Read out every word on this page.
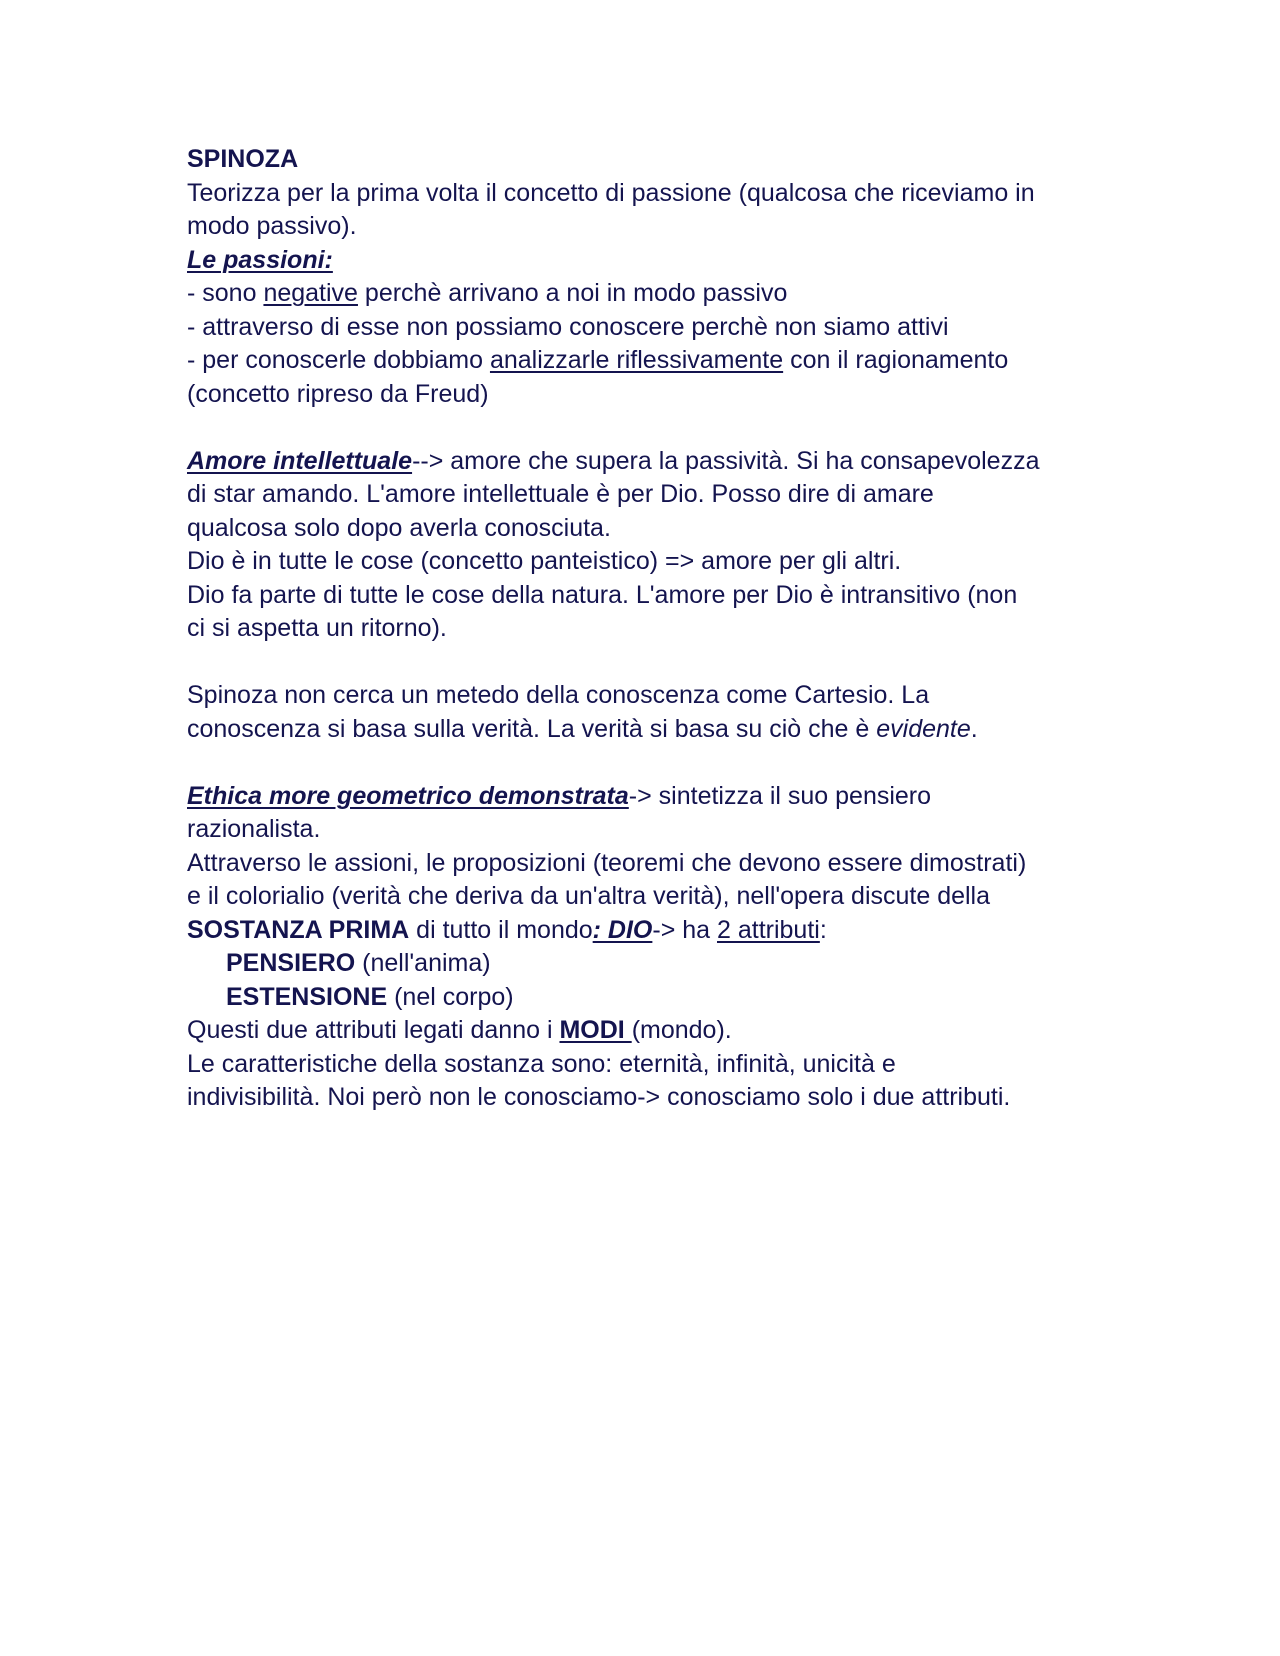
SPINOZA
Teorizza per la prima volta il concetto di passione (qualcosa che riceviamo in
modo passivo).
Le passioni:
- sono negative perchè arrivano a noi in modo passivo
- attraverso di esse non possiamo conoscere perchè non siamo attivi
- per conoscerle dobbiamo analizzarle riflessivamente con il ragionamento
(concetto ripreso da Freud)
Amore intellettuale--> amore che supera la passività. Si ha consapevolezza
di star amando. L'amore intellettuale è per Dio. Posso dire di amare
qualcosa solo dopo averla conosciuta.
Dio è in tutte le cose (concetto panteistico) => amore per gli altri.
Dio fa parte di tutte le cose della natura. L'amore per Dio è intransitivo (non
ci si aspetta un ritorno).
Spinoza non cerca un metedo della conoscenza come Cartesio. La
conoscenza si basa sulla verità. La verità si basa su ciò che è evidente.
Ethica more geometrico demonstrata-> sintetizza il suo pensiero
razionalista.
Attraverso le assioni, le proposizioni (teoremi che devono essere dimostrati)
e il colorialio (verità che deriva da un'altra verità), nell'opera discute della
SOSTANZA PRIMA di tutto il mondo: DIO-> ha 2 attributi:
PENSIERO (nell'anima)
ESTENSIONE (nel corpo)
Questi due attributi legati danno i MODI (mondo).
Le caratteristiche della sostanza sono: eternità, infinità, unicità e
indivisibilità. Noi però non le conosciamo-> conosciamo solo i due attributi.
